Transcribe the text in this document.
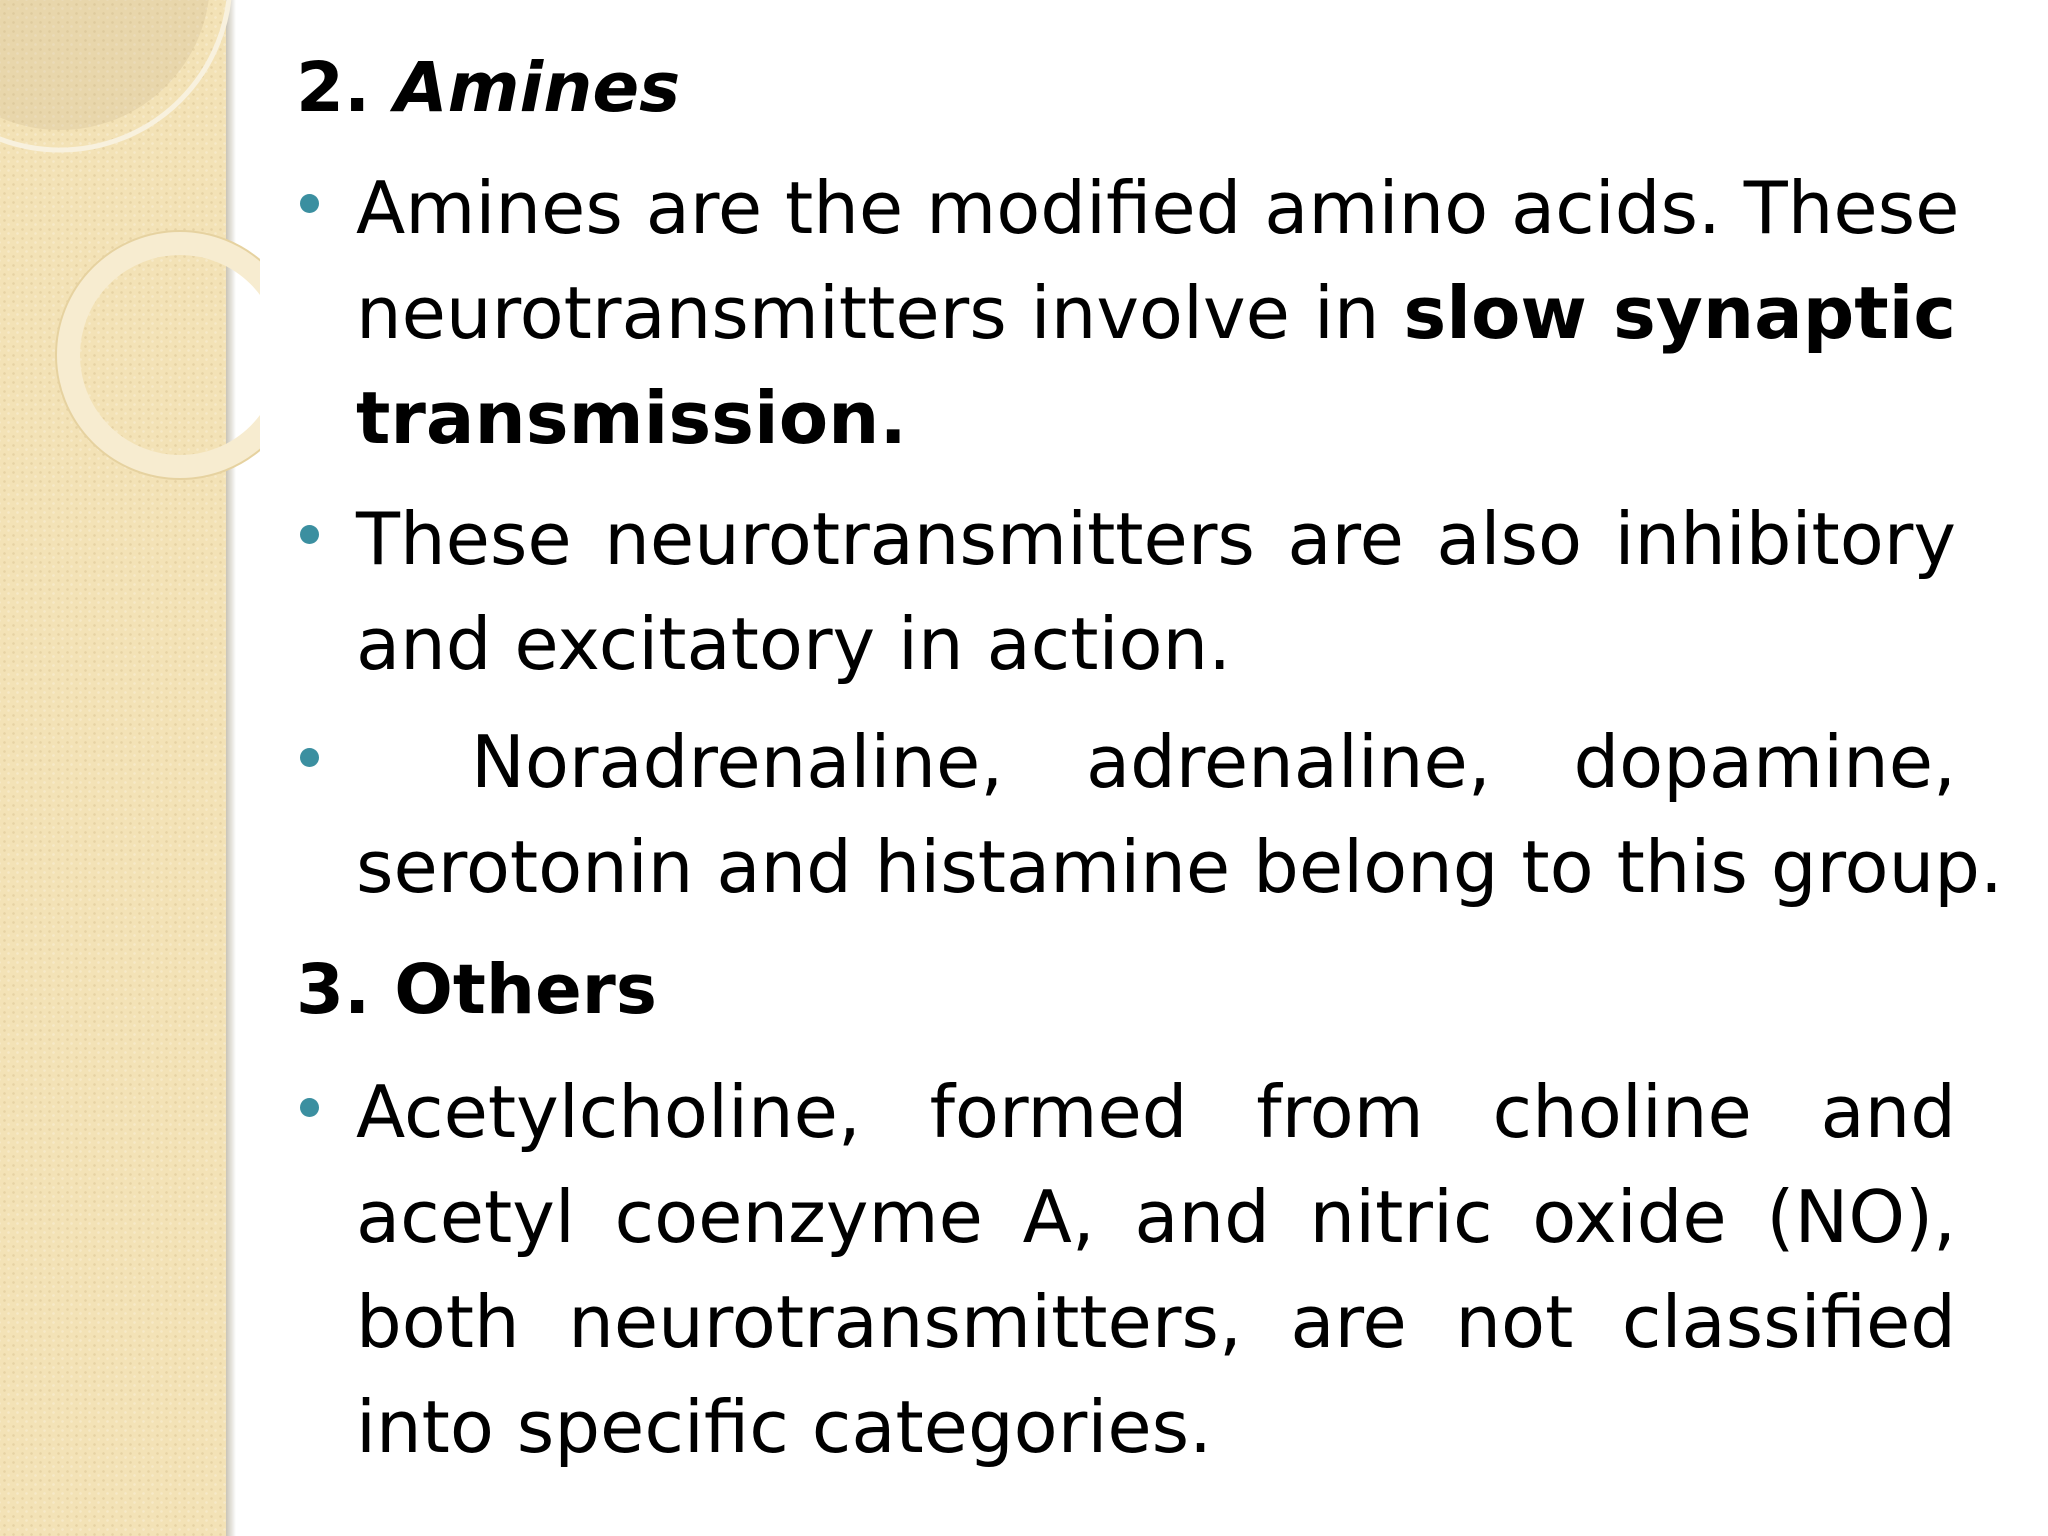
2. Amines
Amines are the modified amino acids. These
neurotransmitters involve in slow synaptic
transmission.
These neurotransmitters are also inhibitory
and excitatory in action.
Noradrenaline, adrenaline, dopamine,
serotonin and histamine belong to this group.
3. Others
Acetylcholine, formed from choline and
acetyl coenzyme A, and nitric oxide (NO),
both neurotransmitters, are not classified
into specific categories.
